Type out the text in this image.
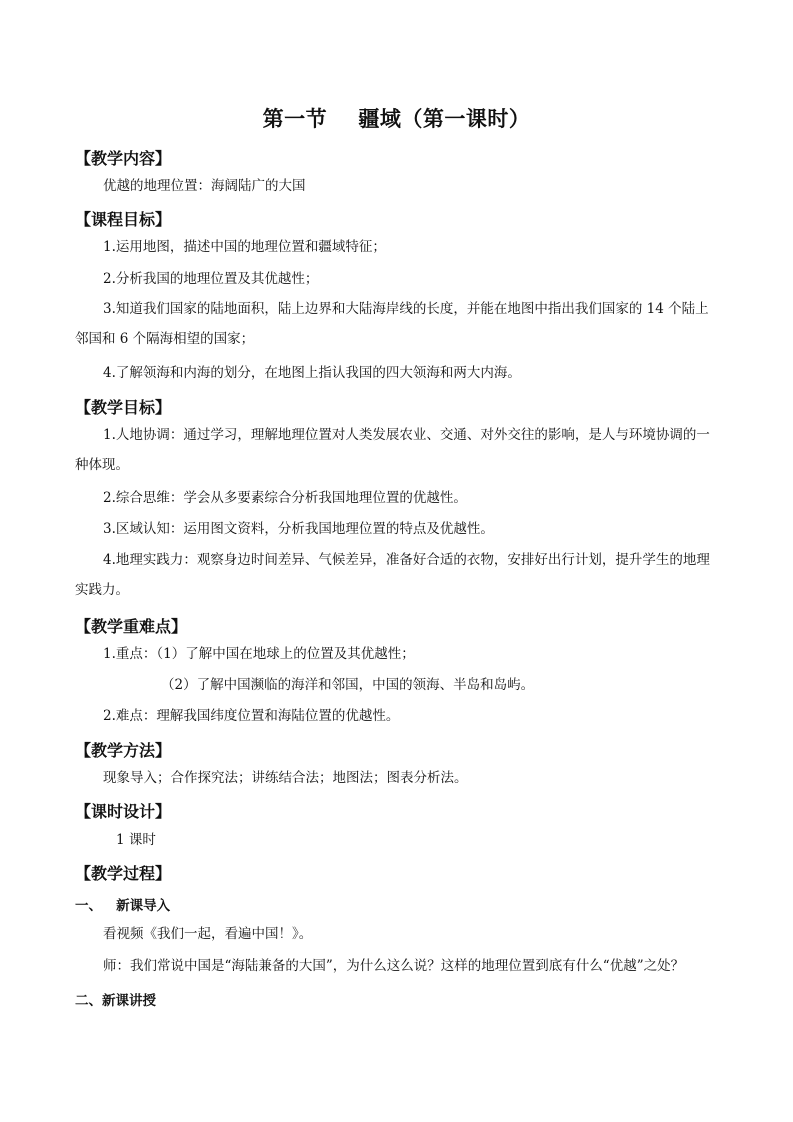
第一节    疆域（第一课时）
【教学内容】
优越的地理位置：海阔陆广的大国
【课程目标】
1.运用地图，描述中国的地理位置和疆域特征；
2.分析我国的地理位置及其优越性；
3.知道我们国家的陆地面积，陆上边界和大陆海岸线的长度，并能在地图中指出我们国家的 14 个陆上邻国和 6 个隔海相望的国家；
4.了解领海和内海的划分，在地图上指认我国的四大领海和两大内海。
【教学目标】
1.人地协调：通过学习，理解地理位置对人类发展农业、交通、对外交往的影响，是人与环境协调的一种体现。
2.综合思维：学会从多要素综合分析我国地理位置的优越性。
3.区域认知：运用图文资料，分析我国地理位置的特点及优越性。
4.地理实践力：观察身边时间差异、气候差异，准备好合适的衣物，安排好出行计划，提升学生的地理实践力。
【教学重难点】
1.重点：（1）了解中国在地球上的位置及其优越性；
（2）了解中国濒临的海洋和邻国，中国的领海、半岛和岛屿。
2.难点：理解我国纬度位置和海陆位置的优越性。
【教学方法】
现象导入；合作探究法；讲练结合法；地图法；图表分析法。
【课时设计】
1 课时
【教学过程】
一、   新课导入
看视频《我们一起，看遍中国！》。
师：我们常说中国是“海陆兼备的大国”，为什么这么说？这样的地理位置到底有什么“优越”之处？
二、新课讲授
